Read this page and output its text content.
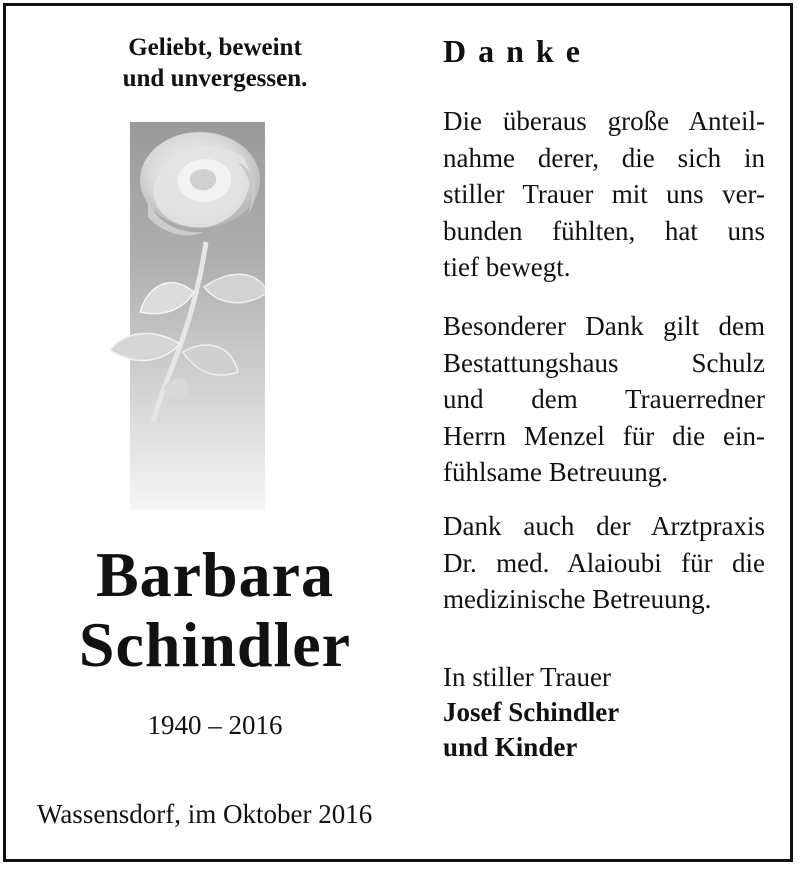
Geliebt, beweint
und unvergessen.
Barbara
Schindler
1940 – 2016
Wassensdorf, im Oktober 2016
Danke
Die überaus große Anteil-
nahme derer, die sich in
stiller Trauer mit uns ver-
bunden fühlten, hat uns
tief bewegt.
Besonderer Dank gilt dem
Bestattungshaus Schulz
und dem Trauerredner
Herrn Menzel für die ein-
fühlsame Betreuung.
Dank auch der Arztpraxis
Dr. med. Alaioubi für die
medizinische Betreuung.
In stiller Trauer
Josef Schindler
und Kinder
